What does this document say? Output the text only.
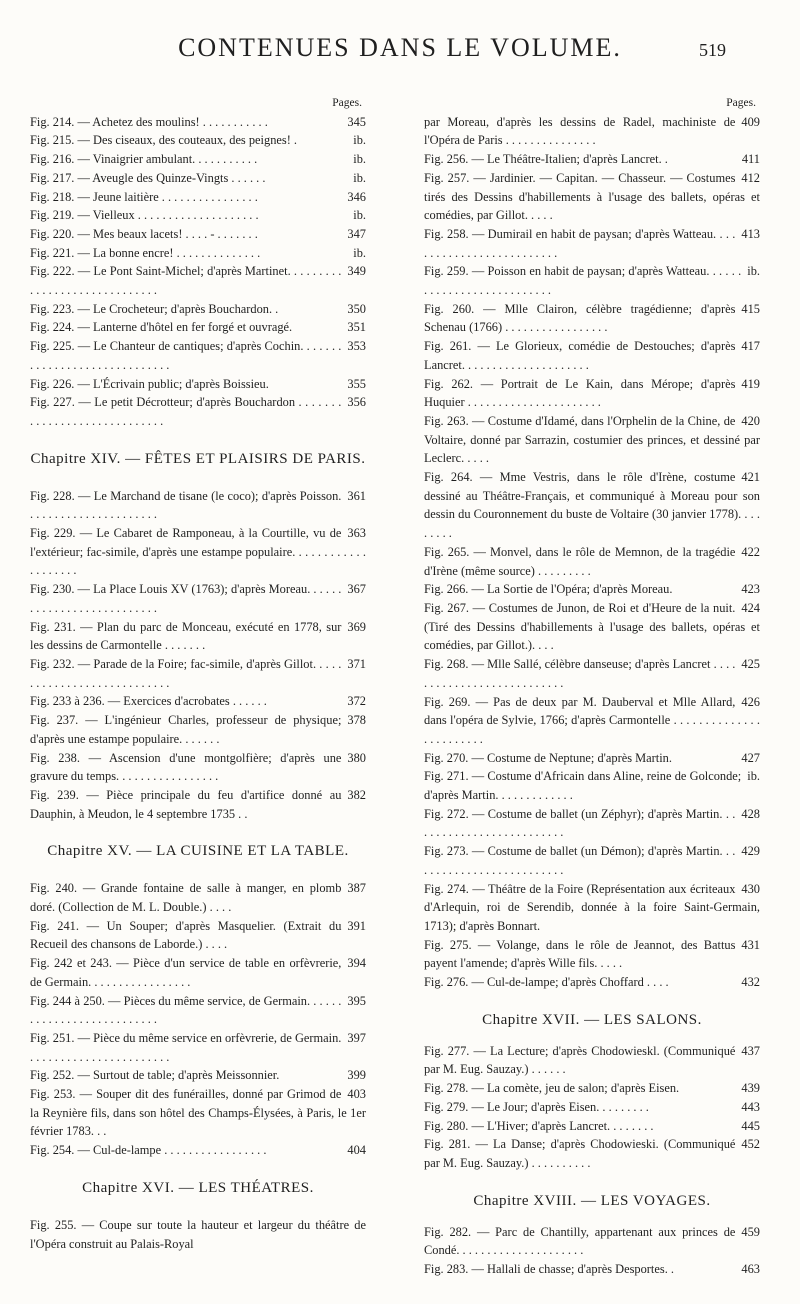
CONTENUES DANS LE VOLUME.	519
Pages.
345
Fig. 214. — Achetez des moulins! . . . . . . . . . . .
ib.
Fig. 215. — Des ciseaux, des couteaux, des peignes! .
ib.
Fig. 216. — Vinaigrier ambulant. . . . . . . . . . .
ib.
Fig. 217. — Aveugle des Quinze-Vingts . . . . . .
346
Fig. 218. — Jeune laitière . . . . . . . . . . . . . . . .
ib.
Fig. 219. — Vielleux . . . . . . . . . . . . . . . . . . . .
347
Fig. 220. — Mes beaux lacets! . . . . - . . . . . . .
ib.
Fig. 221. — La bonne encre! . . . . . . . . . . . . . .
349
Fig. 222. — Le Pont Saint-Michel; d'après Martinet. . . . . . . . . . . . . . . . . . . . . . . . . . . . . .
350
Fig. 223. — Le Crocheteur; d'après Bouchardon. .
351
Fig. 224. — Lanterne d'hôtel en fer forgé et ouvragé.
353
Fig. 225. — Le Chanteur de cantiques; d'après Cochin. . . . . . . . . . . . . . . . . . . . . . . . . . . . . .
355
Fig. 226. — L'Écrivain public; d'après Boissieu.
356
Fig. 227. — Le petit Décrotteur; d'après Bouchardon . . . . . . . . . . . . . . . . . . . . . . . . . . . . .
Chapitre XIV. — FÊTES ET PLAISIRS DE PARIS.
361
Fig. 228. — Le Marchand de tisane (le coco); d'après Poisson. . . . . . . . . . . . . . . . . . . . . .
363
Fig. 229. — Le Cabaret de Ramponeau, à la Courtille, vu de l'extérieur; fac-simile, d'après une estampe populaire. . . . . . . . . . . . . . . . . . . .
367
Fig. 230. — La Place Louis XV (1763); d'après Moreau. . . . . . . . . . . . . . . . . . . . . . . . . . .
369
Fig. 231. — Plan du parc de Monceau, exécuté en 1778, sur les dessins de Carmontelle . . . . . . .
371
Fig. 232. — Parade de la Foire; fac-simile, d'après Gillot. . . . . . . . . . . . . . . . . . . . . . . . . . . .
372
Fig. 233 à 236. — Exercices d'acrobates . . . . . .
378
Fig. 237. — L'ingénieur Charles, professeur de physique; d'après une estampe populaire. . . . . . .
380
Fig. 238. — Ascension d'une montgolfière; d'après une gravure du temps. . . . . . . . . . . . . . . . .
382
Fig. 239. — Pièce principale du feu d'artifice donné au Dauphin, à Meudon, le 4 septembre 1735 . .
Chapitre XV. — LA CUISINE ET LA TABLE.
387
Fig. 240. — Grande fontaine de salle à manger, en plomb doré. (Collection de M. L. Double.) . . . .
391
Fig. 241. — Un Souper; d'après Masquelier. (Extrait du Recueil des chansons de Laborde.) . . . .
394
Fig. 242 et 243. — Pièce d'un service de table en orfèvrerie, de Germain. . . . . . . . . . . . . . . . .
395
Fig. 244 à 250. — Pièces du même service, de Germain. . . . . . . . . . . . . . . . . . . . . . . . . . .
397
Fig. 251. — Pièce du même service en orfèvrerie, de Germain. . . . . . . . . . . . . . . . . . . . . . . .
399
Fig. 252. — Surtout de table; d'après Meissonnier.
403
Fig. 253. — Souper dit des funérailles, donné par Grimod de la Reynière fils, dans son hôtel des Champs-Élysées, à Paris, le 1er février 1783. . .
404
Fig. 254. — Cul-de-lampe . . . . . . . . . . . . . . . . .
Chapitre XVI. — LES THÉATRES.
Fig. 255. — Coupe sur toute la hauteur et largeur du théâtre de l'Opéra construit au Palais-Royal
Pages.
409
par Moreau, d'après les dessins de Radel, machiniste de l'Opéra de Paris . . . . . . . . . . . . . . .
411
Fig. 256. — Le Théâtre-Italien; d'après Lancret. .
412
Fig. 257. — Jardinier. — Capitan. — Chasseur. — Costumes tirés des Dessins d'habillements à l'usage des ballets, opéras et comédies, par Gillot. . . . .
413
Fig. 258. — Dumirail en habit de paysan; d'après Watteau. . . . . . . . . . . . . . . . . . . . . . . . . .
ib.
Fig. 259. — Poisson en habit de paysan; d'après Watteau. . . . . . . . . . . . . . . . . . . . . . . . . . .
415
Fig. 260. — Mlle Clairon, célèbre tragédienne; d'après Schenau (1766) . . . . . . . . . . . . . . . . .
417
Fig. 261. — Le Glorieux, comédie de Destouches; d'après Lancret. . . . . . . . . . . . . . . . . . . . .
419
Fig. 262. — Portrait de Le Kain, dans Mérope; d'après Huquier . . . . . . . . . . . . . . . . . . . . . .
420
Fig. 263. — Costume d'Idamé, dans l'Orphelin de la Chine, de Voltaire, donné par Sarrazin, costumier des princes, et dessiné par Leclerc. . . . .
421
Fig. 264. — Mme Vestris, dans le rôle d'Irène, costume dessiné au Théâtre-Français, et communiqué à Moreau pour son dessin du Couronnement du buste de Voltaire (30 janvier 1778). . . . . . . . .
422
Fig. 265. — Monvel, dans le rôle de Memnon, de la tragédie d'Irène (même source) . . . . . . . . .
423
Fig. 266. — La Sortie de l'Opéra; d'après Moreau.
424
Fig. 267. — Costumes de Junon, de Roi et d'Heure de la nuit. (Tiré des Dessins d'habillements à l'usage des ballets, opéras et comédies, par Gillot.). . . .
425
Fig. 268. — Mlle Sallé, célèbre danseuse; d'après Lancret . . . . . . . . . . . . . . . . . . . . . . . . . . .
426
Fig. 269. — Pas de deux par M. Dauberval et Mlle Allard, dans l'opéra de Sylvie, 1766; d'après Carmontelle . . . . . . . . . . . . . . . . . . . . . . . .
427
Fig. 270. — Costume de Neptune; d'après Martin.
ib.
Fig. 271. — Costume d'Africain dans Aline, reine de Golconde; d'après Martin. . . . . . . . . . . . .
428
Fig. 272. — Costume de ballet (un Zéphyr); d'après Martin. . . . . . . . . . . . . . . . . . . . . . . . . .
429
Fig. 273. — Costume de ballet (un Démon); d'après Martin. . . . . . . . . . . . . . . . . . . . . . . . . .
430
Fig. 274. — Théâtre de la Foire (Représentation aux écriteaux d'Arlequin, roi de Serendib, donnée à la foire Saint-Germain, 1713); d'après Bonnart.
431
Fig. 275. — Volange, dans le rôle de Jeannot, des Battus payent l'amende; d'après Wille fils. . . . .
432
Fig. 276. — Cul-de-lampe; d'après Choffard . . . .
Chapitre XVII. — LES SALONS.
437
Fig. 277. — La Lecture; d'après Chodowieskl. (Communiqué par M. Eug. Sauzay.) . . . . . .
439
Fig. 278. — La comète, jeu de salon; d'après Eisen.
443
Fig. 279. — Le Jour; d'après Eisen. . . . . . . . .
445
Fig. 280. — L'Hiver; d'après Lancret. . . . . . . .
452
Fig. 281. — La Danse; d'après Chodowieski. (Communiqué par M. Eug. Sauzay.) . . . . . . . . . .
Chapitre XVIII. — LES VOYAGES.
459
Fig. 282. — Parc de Chantilly, appartenant aux princes de Condé. . . . . . . . . . . . . . . . . . . . .
463
Fig. 283. — Hallali de chasse; d'après Desportes. .
